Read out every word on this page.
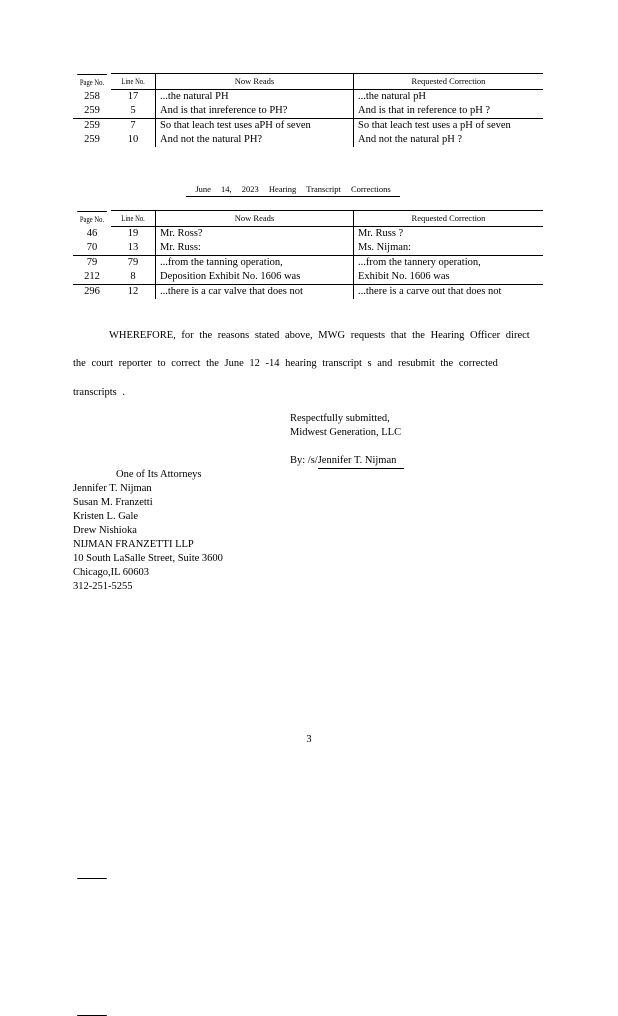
Page No.	Line No.	Now Reads	Requested Correction
258	17	...the natural PH	...the natural pH
259	5	And is that inreference to PH?	And is that in reference to pH ?
259	7	So that leach test uses aPH of seven	So that leach test uses a pH of seven
259	10	And not the natural PH?	And not the natural pH ?
June 14, 2023 Hearing Transcript Corrections
Page No.	Line No.	Now Reads	Requested Correction
46	19	Mr. Ross?	Mr. Russ ?
70	13	Mr. Russ:	Ms. Nijman:
79	79	...from the tanning operation,	...from the tannery operation,
212	8	Deposition Exhibit No. 1606 was	Exhibit No. 1606 was
296	12	...there is a car valve that does not	...there is a carve out that does not
WHEREFORE, for the reasons stated above, MWG requests that the Hearing Officer direct
the court reporter to correct the June 12 -14 hearing transcript s and resubmit the corrected
transcripts .
Respectfully submitted,
Midwest Generation, LLC
By: /s/Jennifer T. Nijman
One of Its Attorneys
Jennifer T. Nijman
Susan M. Franzetti
Kristen L. Gale
Drew Nishioka
NIJMAN FRANZETTI LLP
10 South LaSalle Street, Suite 3600
Chicago,IL 60603
312-251-5255
3
